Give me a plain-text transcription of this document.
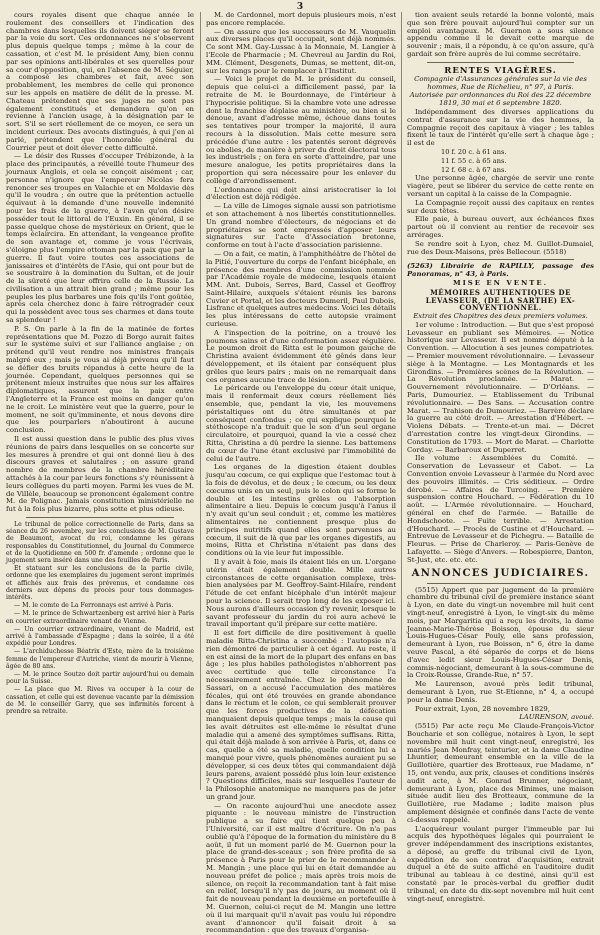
3

cours royales disent que chaque année le roulement des conseillers et l'indication des chambres dans lesquelles ils doivent siéger se feront par la voie du sort. Ces ordonnances ne s'observent plus depuis quelque temps ; même à la cour de cassation, et c'est M. le président Amy, bien connu par ses opinions anti-libérales et ses querelles pour sa cour d'opposition, qui, en l'absence de M. Séguier, a composé les chambres et fait, avec son probablement, les membres de celle qui prononce sur les appels en matière de délit de la presse. M. Chateau prétendent que ses juges ne sont pas également constitués et demandera qu'on en revienne à l'ancien usage, à la désignation par le sort. S'il se sert réellement de ce moyen, ce sera un incident curieux. Des avocats distingués, à qui j'en ai parlé, prétendent que l'honorable général du Courrier peut et doit élever cette difficulté.

— Le désir des Russes d'occuper Trébizonde, à la place des principautés, a réveillé toute l'humeur des journaux Anglois, et cela se conçoit aisément ; car, personne n'ignore que l'empereur Nicolas fera renoncer ses troupes en Valachie et en Moldavie dès qu'il le voudra ; en outre que la prétention actuelle équivaut à la demande d'une nouvelle indemnité pour les frais de la guerre, à l'aven qu'on désire posséder tout le littoral de l'Euxin. En général, il se passe quelque chose de mystérieux en Orient, que le temps éclaircira. En attendant, la vengeance profite de son avantage et, comme je vous l'écrivais, s'éloigne plus l'empire ottoman par la paix que par la guerre. Il faut voire toutes ces associations de janissaires et d'intérêts de l'Asie, qui ont pour but de se soustraire à la domination du Sultan, et de jouir de la sûreté que leur offrira celle de la Russie. La civilisation a un attrait bien grand ; même pour les peuples les plus barbares une fois qu'ils l'ont goûtée, après cela cherchez donc à faire rétrograder ceux qui la possèdent avec tous ses charmes et dans toute sa splendeur !

P. S. On parle à la fin de la matinée de fortes représentations que M. Pozzo di Borgo aurait faites sur le système suivi et sur l'alliance anglaise ; on prétend qu'il veut rendre nos ministres français malgré eux ; mais je vous ai déjà prévenu qu'il faut se défier des bruits répandus à cette heure de la journée. Cependant, quelques personnes qui se prétenent mieux instruites que nous sur les affaires diplomatiques, assurent que la paix entre l'Angleterre et la France est moins en danger qu'on ne le croit. Le ministère veut que la guerre, pour le moment, ne soit qu'imminente, et nous devons dire que les pourparlers n'aboutiront à aucune conclusion.

Il est aussi question dans le public des plus vives réunions de pairs dans lesquelles on se concerte sur les mesures à prendre et qui ont donné lieu à des discours graves et salutaires ; on assure grand nombre de membres de la chambre héréditaire attachés à la cour par leurs fonctions s'y réunissent à leurs collègues du parti moyen. Parmi les vues de M. de Villèle, beaucoup se prononcent également contre M. de Polignac. Jamais constitution ministérielle ne fut à la fois plus bizarre, plus sotte et plus odieuse.

Le tribunal de police correctionnelle de Paris, dans sa séance du 26 novembre, sur les conclusions de M. Gustave de Beaumont, avocat du roi, condamne les gérans responsables du Constitutionnel, du Journal du Commerce et de la Quotidienne en 500 fr. d'amende ; ordonne que le jugement sera inséré dans une des feuilles de Paris.

Et statuant sur les conclusions de la partie civile, ordonne que les exemplaires du jugement seront imprimés et affichés aux frais des prévenus, et condamne ces derniers aux dépens du procès pour tous dommages-intérêts.

— M. le comte de La Ferronnays est arrivé à Paris.

— M. le prince de Schwartzenberg est arrivé hier à Paris en courrier extraordinaire venant de Vienne.

— Un courrier extraordinaire, venant de Madrid, est arrivé à l'ambassade d'Espagne ; dans la soirée, il a été expédié pour Londres.

— L'archiduchesse Béatrix d'Este, mère de la troisième femme de l'empereur d'Autriche, vient de mourir à Vienne, âgée de 80 ans.

— M. le prince Soutzo doit partir aujourd'hui ou demain pour la Suisse.

— La place que M. Rives va occuper à la cour de cassation, et celle qui est devenue vacante par la démission de M. le conseiller Garry, que ses infirmités forcent à prendre sa retraite.

M. de Cardonnel, mort depuis plusieurs mois, n'est pas encore remplacée.

— On assure que les successeurs de M. Vauquelin aux diverses places qu'il occupait, sont déjà nommés. Ce sont MM. Gay-Lussac à la Monnaie, M. Langier à l'Ecole de Pharmacie ; M. Chevreul au Jardin du Roi, MM. Clément, Desgenets, Dumas, se mettent, dit-on, sur les rangs pour le remplacer à l'Institut.

— Voici le projet de M. le président du conseil, depuis que celui-ci a difficilement passé, par la retraite de M. le Bourdonnaye, de l'intérieur à l'hypocrisie politique. Si la chambre vote une adresse dont la franchise déplaise au ministère, ou bien si le dénoue, avant d'adresse même, échoue dans toutes ses tentatives pour tromper la majorité, il aura recours à la dissolution. Mais cette mesure sera précédée d'une autre : les patentés seront dégrevés ou abolies, de manière à priver du droit électoral tous les industriels ; on fera en sorte d'atteindre, par une mesure analogue, les petits propriétaires dans la proportion qui sera nécessaire pour les enlever du collège d'arrondissement.

L'ordonnance qui doit ainsi aristocratiser la loi d'élection est déjà rédigée.

— La ville de Limoges signale aussi son patriotisme et son attachement à nos libertés constitutionnelles. Un grand nombre d'électeurs, de négocians et de propriétaires se sont empressés d'apposer leurs signatures sur l'acte d'Association bretonne, conforme en tout à l'acte d'association parisienne.

— On a fait, ce matin, à l'amphithéâtre de l'hôtel de la Pitié, l'ouverture du corps de l'enfant bicéphale, en présence des membres d'une commission nommée par l'Académie royale de médecine, lesquels étaient MM. Ant. Dubois, Serres, Bard, Cassel et Geoffroy Saint-Hilaire, auxquels s'étaient réunis les barons Cuvier et Portal, et les docteurs Dumeril, Paul Dubois, Lisfranc et quelques autres médecins. Voici les détails les plus intéressans de cette autopsie vraiment curieuse.

A l'inspection de la poitrine, on a trouvé les poumons sains et d'une conformation assez régulière. Le poumon droit de Ritta est le poumon gauche de Christina avaient évidemment été gênés dans leur développement, et ils étaient par conséquent plus grêles que leurs pairs ; mais on ne remarquait dans ces organes aucune trace de lésion.

Le péricarde ou l'enveloppe du cœur était unique, mais il renfermait deux cœurs réellement liés ensemble, que, pendant la vie, les mouvemens péristaltiques ont du être simultanés et par conséquent confondus ; ce qui explique pourquoi le stéthoscope n'a traduit que le son d'un seul organe circulatoire, et pourquoi, quand la vie a cessé chez Ritta, Christina a dû perdre la sienne. Les battemens du cœur de l'une étant exclusivé par l'immobilité de celui de l'autre.

Les organes de la digestion étaient doubles jusqu'au cœcum, ce qui explique que l'estomac tout à la fois de dévolus, et de deux ; le cœcum, ou les deux cœcums unis en un seul, puis le colon qui se forme le double et les intestins grêles ou l'absorption alimentaire a lieu. Depuis le cœcum jusqu'à l'anus il n'y avait qu'un seul conduit ; et, comme les matières alimentaires ne contiennent presque plus de principes nutritifs quand elles sont parvenues au cœcum, il suit de là que par les organes digestifs, au moins, Ritta et Christina n'étaient pas dans des conditions où la vie leur fut impossible.

Il y avait à foie, mais ils étaient liés en un. L'organe utérin était également double. Mille autres circonstances de cette organisation complexe, très-bien analysées par M. Geoffroy-Saint-Hilaire, rendent l'étude de cet enfant bicéphale d'un intérêt majeur pour la science. Il serait trop long de les exposer ici. Nous aurons d'ailleurs occasion d'y revenir, lorsque le savant professeur du jardin du roi aura achevé le travail important qu'il prépare sur cette matière.

Il est fort difficile de dire positivement à quelle maladie Ritta-Christina a succombé : l'autopsie n'a rien démontré de particulier à cet égard. Au reste, il en est ainsi de la mort de la plupart des enfans en bas âge ; les plus habiles pathologistes n'abhorrent pas avec certitude que telle circonstance l'a nécessairement entraînée. Chez le phénomène de Sassari, on a accusé l'accumulation des matières fécales, qui ont été trouvées en grande abondance dans le rectum et le colon, ce qui semblerait prouver que les forces productives de la défécation manquaient depuis quelque temps ; mais la cause qui les avait détruites est elle-même le résultat d'une maladie qui a amené des symptômes suffisans. Ritta, qui était déjà malade à son arrivée à Paris, et, dans ce cas, quelle a été sa maladie, quelle condition lui a manqué pour vivre, quels phénomènes auraient pu se développer, si ces deux têtes qui commandaient déjà leurs parens, avaient possédé plus loin leur existence ? Questions difficiles, mais sur lesquelles l'auteur de la Philosophie anatomique ne manquera pas de jeter un grand jour.

— On raconte aujourd'hui une anecdote assez piquante : le nouveau ministre de l'instruction publique a su faire qui tient quelque peu à l'Université, car il est maître d'écriture. On n'a pas oublié qu'à l'époque de la formation du ministère du 8 août, il fut un moment parlé de M. Guernon pour la place de grand-des-sceaux ; son frère profita de sa présence à Paris pour le prier de le recommander à M. Mangin ; une place qui lui en était demandée au nouveau préfet de police ; mais après trois mois de silence, on reçoit la recommandation tant à fait mise en relief, lorsqu'il n'y pas de jours, au moment où il fait de nouveau pendant la deuxième en portefeuille à M. Guernon, celui-ci reçut de M. Mangin une lettre où il lui marquait qu'il n'avait pas voulu lui répondre avant d'annoncer qu'il faisait droit à sa recommandation : que des travaux d'organisa-

tion avaient seuls retardé la bonne volonté, mais que son frère pouvait aujourd'hui compter sur un emploi avantageux. M. Guernon a sous silence appendu comme il le devait cette marque de souvenir ; mais, il a répondu, à ce qu'on assure, qu'à gardait son frère auprès de lui comme secrétaire.

RENTES VIAGÈRES.

Compagnie d'Assurances générales sur la vie des hommes, Rue de Richelieu, n° 97, à Paris.

Autorisée par ordonnances du Roi des 22 décembre 1819, 30 mai et 6 septembre 1820.

Indépendamment des diverses applications du contrat d'assurance sur la vie des hommes, la Compagnie reçoit des capitaux à viager ; les tables fixent le taux de l'intérêt qu'elle sert à chaque âge ; il est de

10 f. 20 c. à 61 ans.

11 f. 55 c. à 65 ans.

12 f. 68 c. à 67 ans.

Une personne âgée, chargée de servir une rente viagère, peut se libérer du service de cette rente en versant un capital à la caisse de la Compagnie.

La Compagnie reçoit aussi des capitaux en rentes sur deux têtes.

Elle paie, à bureau ouvert, aux échéances fixes partout où il convient au rentier de recevoir ses arrérages.

Se rendre soit à Lyon, chez M. Guillot-Dumaiel, rue des Deux-Maisons, près Bellecour. (5518)

(5263) Librairie de RAPILLY, passage des Panoramas, n° 43, à Paris.

MISE EN VENTE.

MÉMOIRES AUTHENTIQUES DE LEVASSEUR, (DE LA SARTHE) EX-CONVENTIONNEL.

Extrait des Chapitres des deux premiers volumes.

1er volume : Introduction. — But que s'est proposé Levasseur en publiant ses Mémoires. — Notice historique sur Levasseur. Il est nommé député à la Convention. — Allocution à ses jeunes compatriotes. — Premier mouvement révolutionnaire. — Levasseur siège à la Montagne. — Les Montagnards et les Girondins. — Premières scènes de la Révolution. — La Révolution proclamée. — Marat. — Gouvernement révolutionnaire. — D'Orléans. — Paris, Dumouriez. — Etablissement du Tribunal révolutionnaire. — Des Sans. — Accusation contre Marat. — Trahison de Dumouriez. — Barrère déclare la guerre au côté droit. — Arrestation d'Hébert. — Violens Débats. — Trente-et-un mai. — Décret d'arrestation contre les vingt-deux Girondins. — Constitution de 1793. — Mort de Marat. — Charlotte Corday. — Barbaroux et Duperret.

IIe volume : Assemblées du Comité. — Conservation de Levasseur et Cabot. — La Convention envoie Levasseur à l'armée du Nord avec des pouvoirs illimités. — Cris séditieux. — Ordre dérobé. — Affaires de Turcoing. — Première suspension contre Houchard. — Fédération du 10 août. — L'Armée révolutionnaire. — Houchard, général en chef de l'armée. — Bataille de Hondschoote. — Fuite terrible. — Arrestation d'Houchard. — Procès de Custine et d'Houchard. — Entrevue de Levasseur et de Pichegru. — Bataille de Fleurus. — Prise de Charleroy. — Paris-Genève de Lafayette. — Siège d'Anvers. — Robespierre, Danton, St-Just, etc. etc. etc.

ANNONCES JUDICIAIRES.

(5515) Appert que par jugement de la première chambre du tribunal civil de première instance séant à Lyon, en date du vingt-un novembre mil huit cent vingt-neuf, enregistré à Lyon, le vingt-six du même mois, par Margaritia qui a reçu les droits, la dame Jeanne-Marie-Thérèse Boisson, épouse du sieur Louis-Hugues-César Pouly, elle sans profession, demeurant à Lyon, rue Boisson, n° 6, étre la dame veuve Pascal, a été séparée de corps et de biens d'avec ledit sieur Louis-Hugues-César Denis, commis-négociant, demeurant à la sous-commune de la Croix-Rousse, Grande-Rue, n° 57.

Me Laurenson, avoué près ledit tribunal, demeurant à Lyon, rue St-Etienne, n° 4, a occupé pour la dame Denis.

Pour extrait, Lyon, 28 novembre 1829,

LAURENSON, avoué.

(5515) Par acte reçu Me Claude-François-Victor Boucharie et son collègue, notaires à Lyon, le sept novembre mil huit cent vingt-neuf, enregistré, les mariés Jean Monfray, teinturier, et la dame Claudine Lhuntier, demeurant ensemble en la ville de la Guillotière, quartier des Brotteaux, rue Madame, n° 15, ont vendu, aux prix, clauses et conditions insérés audit acte, à M. Gonrad Brunner, négociant, demeurant à Lyon, place des Minimes, une maison située audit lieu des Brotteaux, commune de la Guillotière, rue Madame ; ladite maison plus amplement désignée et confinée dans l'acte de vente ci-dessus rappelé.

L'acquéreur voulant purger l'immeuble par lui acquis des hypothèques légales qui pourraient le grever indépendamment des inscriptions existantes, a déposé, au greffe du tribunal civil de Lyon, expédition de son contrat d'acquisition, extrait duquel a été de suite affiché en l'auditoire dudit tribunal au tableau à ce destiné, ainsi qu'il est constaté par le procès-verbal du greffier dudit tribunal, en date du dix-sept novembre mil huit cent vingt-neuf, enregistré.
